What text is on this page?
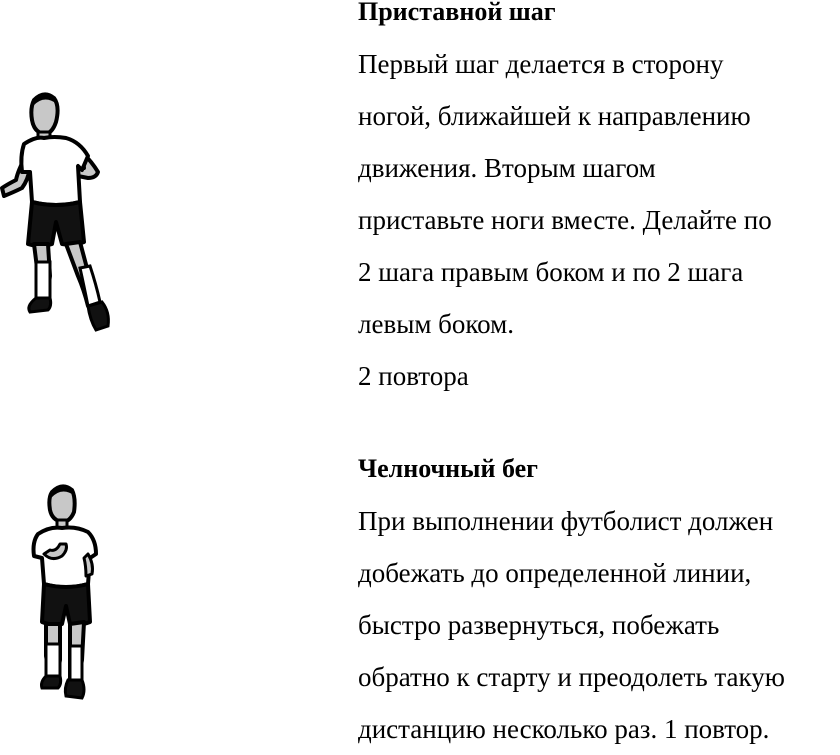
Приставной шаг

Первый шаг делается в сторону

ногой, ближайшей к направлению

движения. Вторым шагом

приставьте ноги вместе. Делайте по

2 шага правым боком и по 2 шага

левым боком.

2 повтора

Челночный бег

При выполнении футболист должен

добежать до определенной линии,

быстро развернуться, побежать

обратно к старту и преодолеть такую

дистанцию несколько раз. 1 повтор.
